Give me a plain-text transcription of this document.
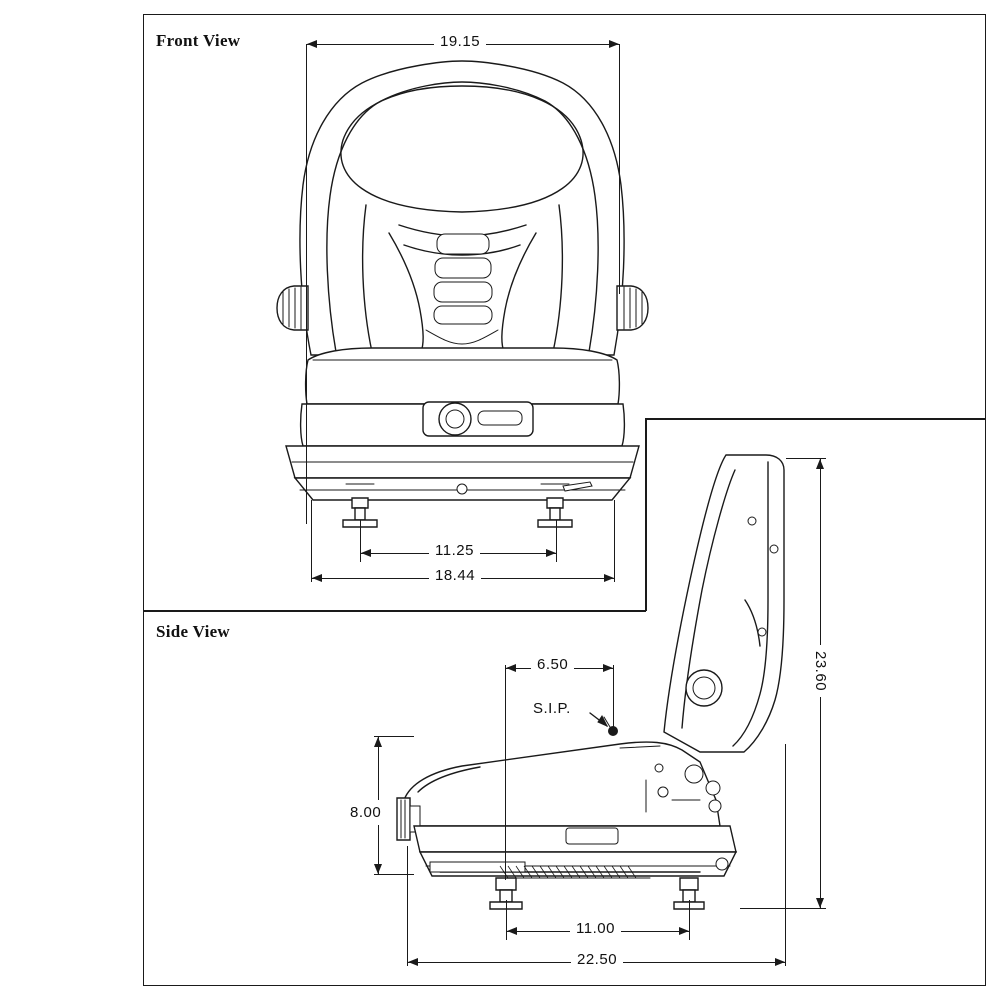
Front View
Side View
19.15
11.25
18.44
S.I.P.
6.50
8.00
11.00
22.50
23.60
